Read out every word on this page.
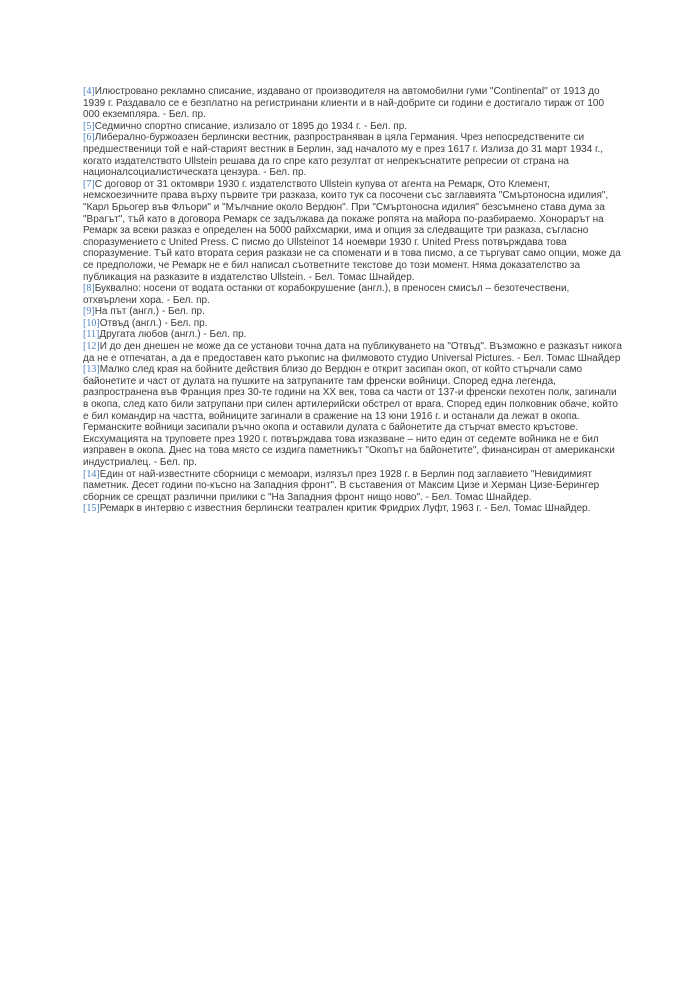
[4]Илюстровано рекламно списание, издавано от производителя на автомобилни гуми "Continental" от 1913 до 1939 г. Раздавало се е безплатно на регистринани клиенти и в най-добрите си години е достигало тираж от 100 000 екземпляра. - Бел. пр.

[5]Седмично спортно списание, излизало от 1895 до 1934 г. - Бел. пр.

[6]Либерално-буржоазен берлински вестник, разпространяван в цяла Германия. Чрез непосредствените си предшественици той е най-старият вестник в Берлин, зад началото му е през 1617 г. Излиза до 31 март 1934 г., когато издателството Ullstein решава да го спре като резултат от непрекъснатите репресии от страна на националсоциалистическата цензура. - Бел. пр.

[7]С договор от 31 октомври 1930 г. издателството Ullstein купува от агента на Ремарк, Ото Клемент, немскоезичните права върху първите три разказа, които тук са посочени със заглавията "Смъртоносна идилия", "Карл Брьогер във Флъори" и "Мълчание около Вердюн". При "Смъртоносна идилия" безсъмнено става дума за "Врагът", тъй като в договора Ремарк се задължава да покаже ропята на майора по-разбираемо. Хонорарът на Ремарк за всеки разказ е определен на 5000 райхсмарки, има и опция за следващите три разказа, съгласно споразумението с United Press. С писмо до Ullsteinот 14 ноември 1930 г. United Press потвърждава това споразумение. Тъй като втората серия разкази не са споменати и в това писмо, а се търгуват само опции, може да се предположи, че Ремарк не е бил написал съответните текстове до този момент. Няма доказателство за публикация на разказите в издателство Ullstein. - Бел. Томас Шнайдер.

[8]Буквално: носени от водата останки от корабокрушение (англ.), в преносен смисъл – безотечествени, отхвърлени хора. - Бел. пр.

[9]На път (англ.) - Бел. пр.

[10]Отвъд (англ.) - Бел. пр.

[11]Другата любов (англ.) - Бел. пр.

[12]И до ден днешен не може да се установи точна дата на публикуването на "Отвъд". Възможно е разказът никога да не е отпечатан, а да е предоставен като ръкопис на филмовото студио Universal Pictures. - Бел. Томас Шнайдер

[13]Малко след края на бойните действия близо до Вердюн е открит засипан окоп, от който стърчали само байонетите и част от дулата на пушките на затрупаните там френски войници. Според една легенда, разпространена във Франция през 30-те години на XX век, това са части от 137-и френски пехотен полк, загинали в окопа, след като били затрупани при силен артилерийски обстрел от врага. Според един полковник обаче, който е бил командир на частта, войниците загинали в сражение на 13 юни 1916 г. и останали да лежат в окопа. Германските войници засипали ръчно окопа и оставили дулата с байонетите да стърчат вместо кръстове. Ексхумацията на труповете през 1920 г. потвърждава това изказване – нито един от седемте войника не е бил изправен в окопа. Днес на това място се издига паметникът "Окопът на байонетите", финансиран от американски индустриалец. - Бел. пр.

[14]Един от най-известните сборници с мемоари, излязъл през 1928 г. в Берлин под заглавието "Невидимият паметник. Десет години по-късно на Западния фронт". В съставения от Максим Цизе и Херман Цизе-Берингер сборник се срещат различни прилики с "На Западния фронт нищо ново". - Бел. Томас Шнайдер.

[15]Ремарк в интервю с известния берлински театрален критик Фридрих Луфт, 1963 г. - Бел. Томас Шнайдер.
